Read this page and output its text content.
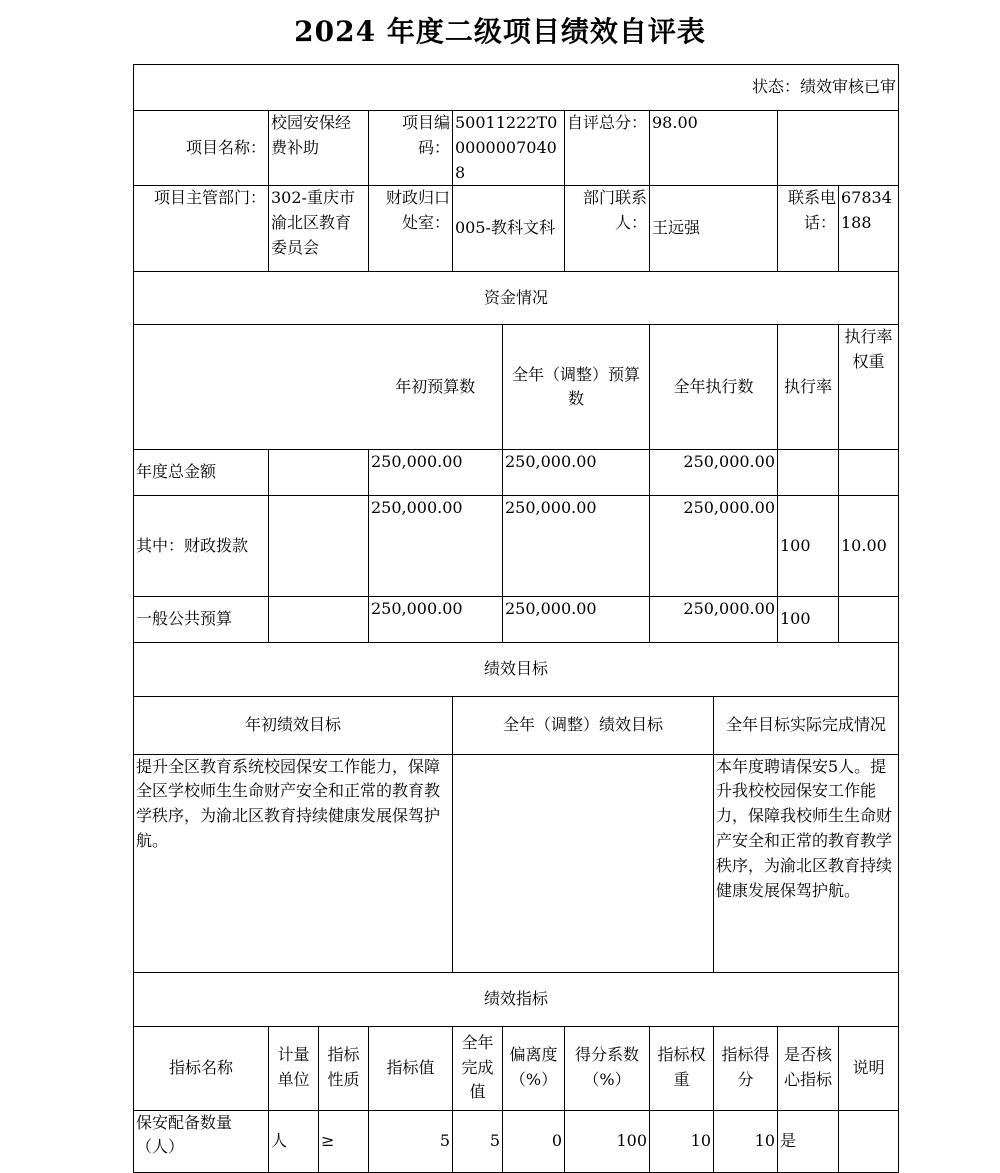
2024 年度二级项目绩效自评表
状态：绩效审核已审											
项目名称：	校园安保经费补助		项目编码：	50011222T000000070408		自评总分：	98.00				
项目主管部门：	302-重庆市渝北区教育委员会		财政归口处室：	005-教科文科		部门联系人：	王远强		联系电话：	67834188	
资金情况											
			年初预算数		全年（调整）预算数		全年执行数		执行率	执行率权重	
年度总金额			250,000.00		250,000.00		250,000.00				
其中：财政拨款			250,000.00		250,000.00		250,000.00		100	10.00	
一般公共预算			250,000.00		250,000.00		250,000.00		100		
绩效目标											
年初绩效目标				全年（调整）绩效目标				全年目标实际完成情况			
提升全区教育系统校园保安工作能力，保障全区学校师生生命财产安全和正常的教育教学秩序，为渝北区教育持续健康发展保驾护航。								本年度聘请保安5人。提升我校校园保安工作能力，保障我校师生生命财产安全和正常的教育教学秩序，为渝北区教育持续健康发展保驾护航。			
绩效指标											
指标名称	计量单位	指标性质	指标值	全年完成值	偏离度（%）	得分系数（%）	指标权重	指标得分	是否核心指标	说明	
保安配备数量（人）	人	≥	5	5	0	100	10	10	是		
